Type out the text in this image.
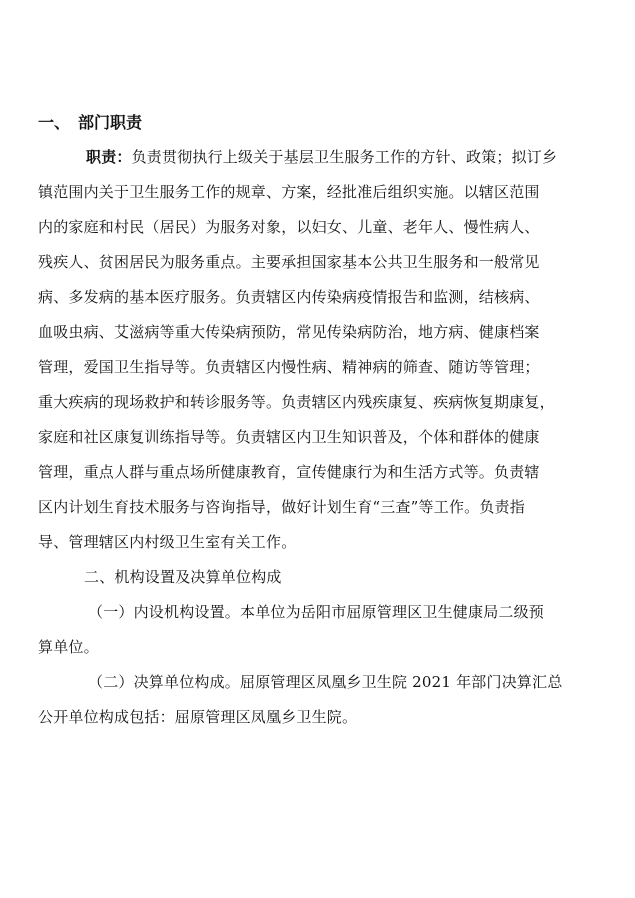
一、 部门职责
职责：负责贯彻执行上级关于基层卫生服务工作的方针、政策；拟订乡
镇范围内关于卫生服务工作的规章、方案，经批准后组织实施。以辖区范围
内的家庭和村民（居民）为服务对象，以妇女、儿童、老年人、慢性病人、
残疾人、贫困居民为服务重点。主要承担国家基本公共卫生服务和一般常见
病、多发病的基本医疗服务。负责辖区内传染病疫情报告和监测，结核病、
血吸虫病、艾滋病等重大传染病预防，常见传染病防治，地方病、健康档案
管理，爱国卫生指导等。负责辖区内慢性病、精神病的筛查、随访等管理；
重大疾病的现场救护和转诊服务等。负责辖区内残疾康复、疾病恢复期康复，
家庭和社区康复训练指导等。负责辖区内卫生知识普及，个体和群体的健康
管理，重点人群与重点场所健康教育，宣传健康行为和生活方式等。负责辖
区内计划生育技术服务与咨询指导，做好计划生育“三查”等工作。负责指
导、管理辖区内村级卫生室有关工作。
二、机构设置及决算单位构成
（一）内设机构设置。本单位为岳阳市屈原管理区卫生健康局二级预
算单位。
（二）决算单位构成。屈原管理区凤凰乡卫生院 2021 年部门决算汇总
公开单位构成包括：屈原管理区凤凰乡卫生院。
